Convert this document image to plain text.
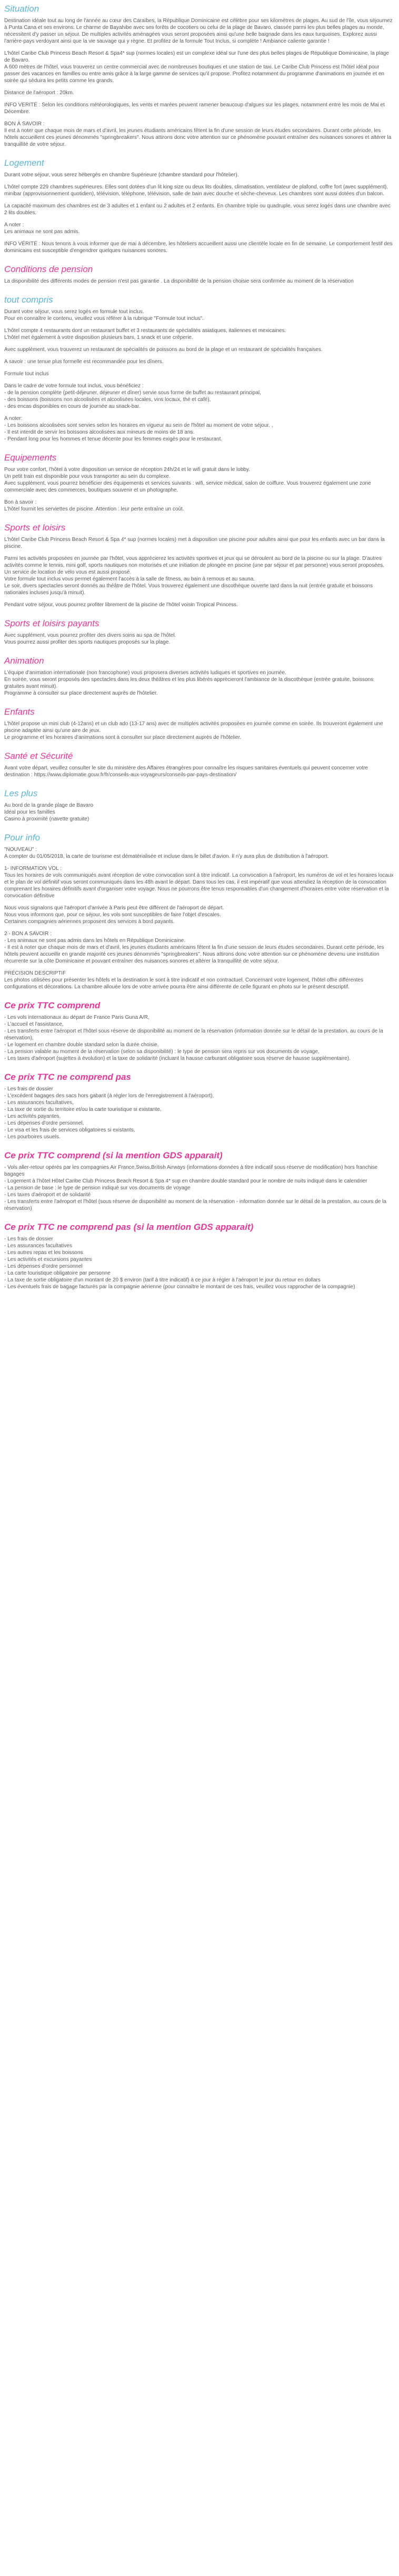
Situation
Destination idéale tout au long de l'année au cœur des Caraïbes, la République Dominicaine est célèbre pour ses kilomètres de plages. Au sud de l'île, vous séjournez à Punta Cana et ses environs. Le charme de Bayahibe avec ses forêts de cocotiers ou celui de la plage de Bavaro, classée parmi les plus belles plages au monde, nécessitent d'y passer un séjour. De multiples activités aménagées vous seront proposées ainsi qu'une belle baignade dans les eaux turquoises. Explorez aussi l'arrière-pays verdoyant ainsi que la vie sauvage qui y règne. Et profitez de la formule Tout Inclus, si complète ! Ambiance caliente garantie !
L'hôtel Caribe Club Princess Beach Resort & Spa4* sup (normes locales) est un complexe idéal sur l'une des plus belles plages de République Dominicaine, la plage de Bavaro.
A 600 mètres de l'hôtel, vous trouverez un centre commercial avec de nombreuses boutiques et une station de taxi. Le Caribe Club Princess est l'hôtel idéal pour passer des vacances en familles ou entre amis grâce à la large gamme de services qu'il propose. Profitez notamment du programme d'animations en journée et en soirée qui séduira les petits comme les grands.
Distance de l'aéroport : 20km.
INFO VERITÉ : Selon les conditions météorologiques, les vents et marées peuvent ramener beaucoup d'algues sur les plages, notamment entre les mois de Mai et Décembre.
BON À SAVOIR :
Il est à noter que chaque mois de mars et d'avril, les jeunes étudiants américains fêtent la fin d'une session de leurs études secondaires. Durant cette période, les hôtels accueillent ces jeunes dénommés "springbreakers". Nous attirons donc votre attention sur ce phénomène pouvant entraîner des nuisances sonores et altérer la tranquillité de votre séjour.
Logement
Durant votre séjour, vous serez hébergés en chambre Supérieure (chambre standard pour l'hôtelier).
L'hôtel compte 229 chambres supérieures. Elles sont dotées d'un lit king size ou deux lits doubles, climatisation, ventilateur de plafond, coffre fort (avec supplément), minibar (approvisionnement quotidien), télévision, téléphone, télévision, salle de bain avec douche et sèche-cheveux. Les chambres sont aussi dotées d'un balcon.
La capacité maximum des chambres est de 3 adultes et 1 enfant ou 2 adultes et 2 enfants. En chambre triple ou quadruple, vous serez logés dans une chambre avec 2 lits doubles.
A noter :
Les animaux ne sont pas admis.
INFO VÉRITÉ : Nous tenons à vous informer que de mai à décembre, les hôteliers accueillent aussi une clientèle locale en fin de semaine. Le comportement festif des dominicains est susceptible d'engendrer quelques nuisances sonores.
Conditions de pension
La disponibilité des différents modes de pension n'est pas garantie . La disponibilité de la pension choisie sera confirmée au moment de la réservation
tout compris
Durant votre séjour, vous serez logés en formule tout inclus.
Pour en connaître le contenu, veuillez vous référer à la rubrique "Formule tout inclus".
L'hôtel compte 4 restaurants dont un restaurant buffet et 3 restaurants de spécialités asiatiques, italiennes et mexicaines.
L'hôtel met également à votre disposition plusieurs bars, 1 snack et une crêperie.
Avec supplément, vous trouverez un restaurant de spécialités de poissons au bord de la plage et un restaurant de spécialités françaises.
A savoir : une tenue plus formelle est recommandée pour les dîners.
Formule tout inclus
Dans le cadre de votre formule tout inclus, vous bénéficiez :
- de la pension complète (petit-déjeuner, déjeuner et dîner) servie sous forme de buffet au restaurant principal.
- des boissons (boissons non alcoolisées et alcoolisées locales, vins locaux, thé et café),
- des encas disponibles en cours de journée au snack-bar.
A noter:
- Les boissons alcoolisées sont servies selon les horaires en vigueur au sein de l'hôtel au moment de votre séjour. ,
- Il est interdit de servir les boissons alcoolisées aux mineurs de moins de 18 ans.
- Pendant long pour les hommes et tenue décente pour les femmes exigés pour le restaurant.
Equipements
Pour votre confort, l'hôtel à votre disposition un service de réception 24h/24 et le wifi gratuit dans le lobby.
Un petit train est disponible pour vous transporter au sein du complexe.
Avec supplément, vous pourrez bénéficier des équipements et services suivants : wifi, service médical, salon de coiffure. Vous trouverez également une zone commerciale avec des commerces, boutiques souvenir et un photographe.
Bon à savoir :
L'hôtel fournit les serviettes de piscine. Attention : leur perte entraîne un coût.
Sports et loisirs
L'hôtel Caribe Club Princess Beach Resort & Spa 4* sup (normes locales) met à disposition une piscine pour adultes ainsi que pour les enfants avec un bar dans la piscine.
Parmi les activités proposées en journée par l'hôtel, vous apprécierez les activités sportives et jeux qui se déroulent au bord de la piscine ou sur la plage. D'autres activités comme le tennis, mini golf, sports nautiques non motorisés et une initiation de plongée en piscine (une par séjour et par personne) vous seront proposées.
Un service de location de vélo vous est aussi proposé.
Votre formule tout inclus vous permet également l'accès à la salle de fitness, au bain à remous et au sauna.
Le soir, divers spectacles seront donnés au théâtre de l'hôtel. Vous trouverez également une discothèque ouverte tard dans la nuit (entrée gratuite et boissons nationales incluses jusqu'à minuit).
Pendant votre séjour, vous pourrez profiter librement de la piscine de l'hôtel voisin Tropical Princess.
Sports et loisirs payants
Avec supplément, vous pourrez profiter des divers soins au spa de l'hôtel.
Vous pourrez aussi profiter des sports nautiques proposés sur la plage.
Animation
L'équipe d'animation internationale (non francophone) vous proposera diverses activités ludiques et sportives en journée.
En soirée, vous seront proposés des spectacles dans les deux théâtres et les plus libérés apprécieront l'ambiance de la discothèque (entrée gratuite, boissons gratuites avant minuit).
Programme à consulter sur place directement auprès de l'hôtelier.
Enfants
L'hôtel propose un mini club (4-12ans) et un club ado (13-17 ans) avec de multiples activités proposées en journée comme en soirée. Ils trouveront également une piscine adaptée ainsi qu'une aire de jeux.
Le programme et les horaires d'animations sont à consulter sur place directement auprès de l'hôtelier.
Santé et Sécurité
Avant votre départ, veuillez consulter le site du ministère des Affaires étrangères pour connaître les risques sanitaires éventuels qui peuvent concerner votre destination : https://www.diplomatie.gouv.fr/fr/conseils-aux-voyageurs/conseils-par-pays-destination/
Les plus
Au bord de la grande plage de Bavaro
Idéal pour les familles
Casino à proximité (navette gratuite)
Pour info
"NOUVEAU" :
A compter du 01/05/2018, la carte de tourisme est dématérialisée et incluse dans le billet d'avion. Il n'y aura plus de distribution à l'aéroport.
1- INFORMATION VOL :
Tous les horaires de vols communiqués avant réception de votre convocation sont à titre indicatif. La convocation à l'aéroport, les numéros de vol et les horaires locaux et le plan de vol définitif vous seront communiqués dans les 48h avant le départ. Dans tous les cas, il est impératif que vous attendiez la réception de la convocation comprenant les horaires définitifs avant d'organiser votre voyage. Nous ne pourrons être tenus responsables d'un changement d'horaires entre votre réservation et la convocation définitive
Nous vous signalons que l'aéroport d'arrivée à Paris peut être différent de l'aéroport de départ.
Nous vous informons que, pour ce séjour, les vols sont susceptibles de faire l'objet d'escales.
Certaines compagnies aériennes proposent des services à bord payants.
2 - BON A SAVOIR :
- Les animaux ne sont pas admis dans les hôtels en République Dominicaine.
- Il est à noter que chaque mois de mars et d'avril, les jeunes étudiants américains fêtent la fin d'une session de leurs études secondaires. Durant cette période, les hôtels peuvent accueillir en grande majorité ces jeunes dénommés "springbreakers". Nous attirons donc votre attention sur ce phénomène devenu une institution récurrente sur la côte Dominicaine et pouvant entraîner des nuisances sonores et altérer la tranquillité de votre séjour.
PRÉCISION DESCRIPTIF
Les photos utilisées pour présenter les hôtels et la destination le sont à titre indicatif et non contractuel. Concernant votre logement, l'hôtel offre différentes configurations et décorations. La chambre allouée lors de votre arrivée pourra être ainsi différente de celle figurant en photo sur le présent descriptif.
Ce prix TTC comprend
- Les vols internationaux au départ de France Paris Guna A/R,
- L'accueil et l'assistance,
- Les transferts entre l'aéroport et l'hôtel sous réserve de disponibilité au moment de la réservation (information donnée sur le détail de la prestation, au cours de la réservation),
- Le logement en chambre double standard selon la durée choisie,
- La pension valable au moment de la réservation (selon sa disponibilité) : le type de pension sera repris sur vos documents de voyage,
- Les taxes d'aéroport (sujettes à évolution) et la taxe de solidarité (incluant la hausse carburant obligatoire sous réserve de hausse supplémentaire).
Ce prix TTC ne comprend pas
- Les frais de dossier
- L'excédent bagages des sacs hors gabarit (à régler lors de l'enregistrement à l'aéroport),
- Les assurances facultatives,
- La taxe de sortie du territoire et/ou la carte touristique si existante,
- Les activités payantes,
- Les dépenses d'ordre personnel,
- Le visa et les frais de services obligatoires si existants,
- Les pourboires usuels.
Ce prix TTC comprend (si la mention GDS apparait)
- Vols aller-retour opérés par les compagnies Air France,Swiss,British Airways (informations données à titre indicatif sous réserve de modification) hors franchise bagages
- Logement à l'hôtel Hôtel Caribe Club Princess Beach Resort & Spa 4* sup en chambre double standard pour le nombre de nuits indiqué dans le calendrier
- La pension de base : le type de pension indiqué sur vos documents de voyage
- Les taxes d'aéroport et de solidarité
- Les transferts entre l'aéroport et l'hôtel (sous réserve de disponibilité au moment de la réservation - information donnée sur le détail de la prestation, au cours de la réservation)
Ce prix TTC ne comprend pas (si la mention GDS apparait)
- Les frais de dossier
- Les assurances facultatives
- Les autres repas et les boissons
- Les activités et excursions payantes
- Les dépenses d'ordre personnel
- La carte touristique obligatoire par personne
- La taxe de sortie obligatoire d'un montant de 20 $ environ (tarif à titre indicatif) à ce jour à régler à l'aéroport le jour du retour en dollars
- Les éventuels frais de bagage facturés par la compagnie aérienne (pour connaître le montant de ces frais, veuillez vous rapprocher de la compagnie)
